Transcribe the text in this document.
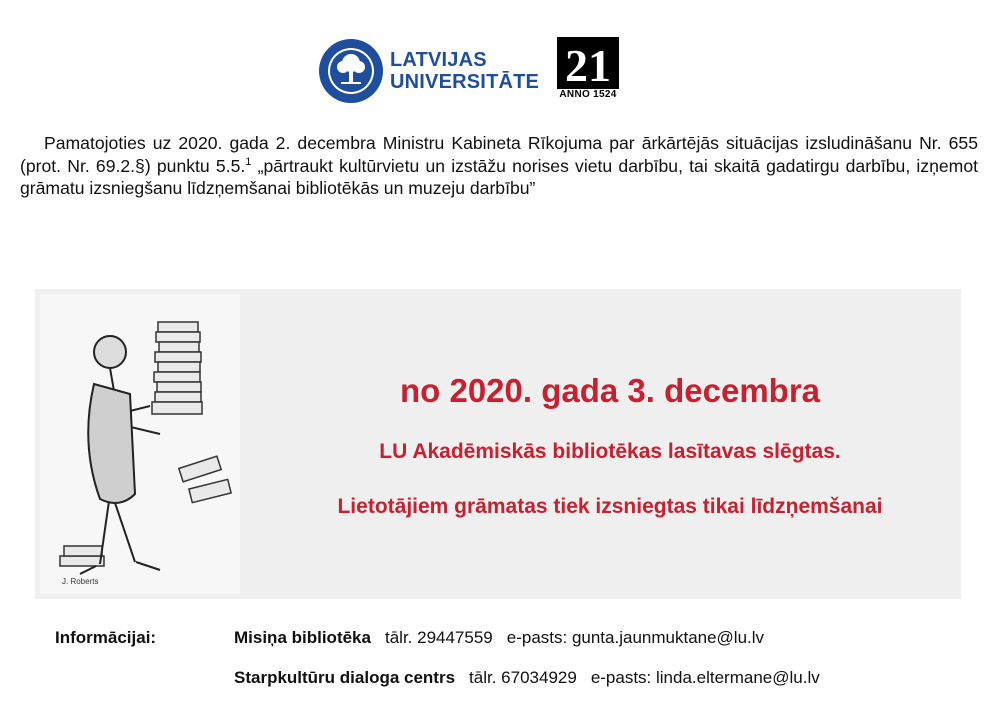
LATVIJAS
UNIVERSITĀTE 21
ANNO 1524

Pamatojoties uz 2020. gada 2. decembra Ministru Kabineta Rīkojuma par ārkārtējās situācijas izsludināšanu Nr. 655 (prot. Nr. 69.2.§) punktu 5.5.$^1$ „pārtraukt kultūrvietu un izstāžu norises vietu darbību, tai skaitā gadatirgu darbību, izņemot grāmatu izsniegšanu līdzņemšanai bibliotēkās un muzeju darbību”

J. Roberts
no 2020. gada 3. decembra
LU Akadēmiskās bibliotēkas lasītavas slēgtas.
Lietotājiem grāmatas tiek izsniegtas tikai līdzņemšanai
Informācijai:	Misiņa bibliotēka tālr. 29447559 e-pasts: gunta.jaunmuktane@lu.lv
Starpkultūru dialoga centrs tālr. 67034929 e-pasts: linda.eltermane@lu.lv
